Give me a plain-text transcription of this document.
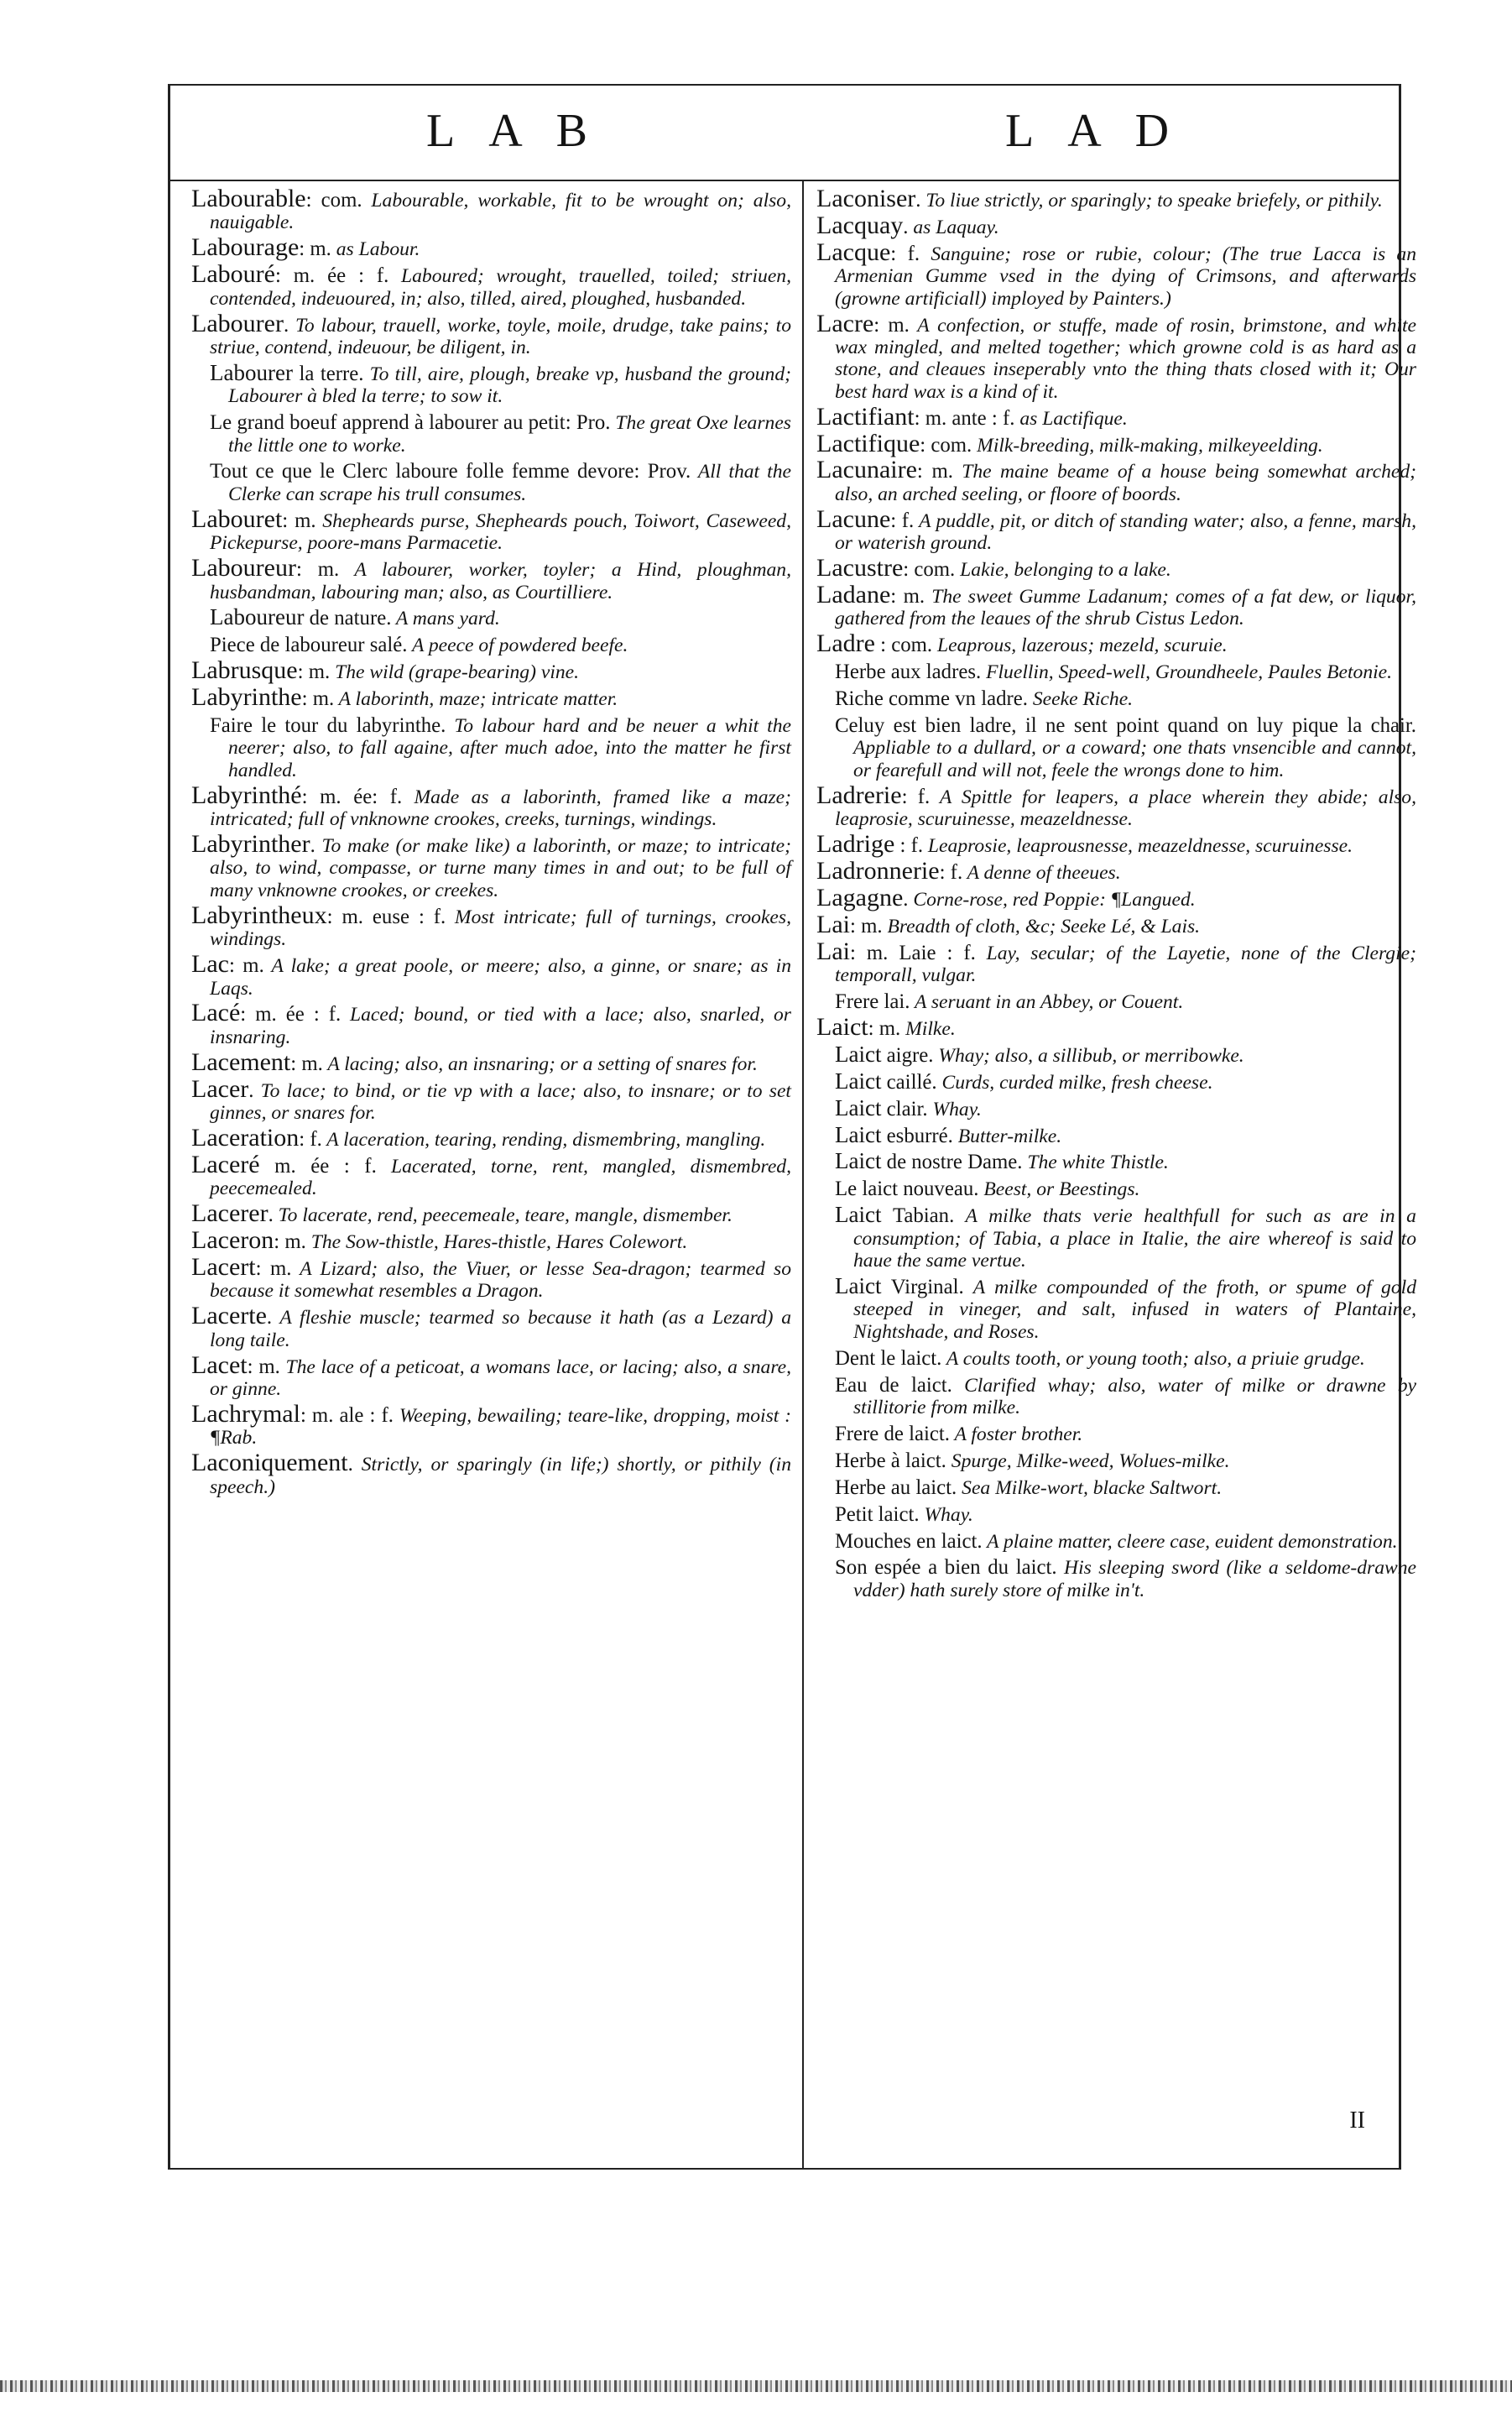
LAB	LAD

Labourable: com. Labourable, workable, fit to be wrought on; also, nauigable.

Labourage: m. as Labour.

Labouré: m. ée : f. Laboured; wrought, trauelled, toiled; striuen, contended, indeuoured, in; also, tilled, aired, ploughed, husbanded.

Labourer. To labour, trauell, worke, toyle, moile, drudge, take pains; to striue, contend, indeuour, be diligent, in.

Labourer la terre. To till, aire, plough, breake vp, husband the ground; Labourer à bled la terre; to sow it.

Le grand boeuf apprend à labourer au petit: Pro. The great Oxe learnes the little one to worke.

Tout ce que le Clerc laboure folle femme devore: Prov. All that the Clerke can scrape his trull consumes.

Labouret: m. Shepheards purse, Shepheards pouch, Toiwort, Caseweed, Pickepurse, poore-mans Parmacetie.

Laboureur: m. A labourer, worker, toyler; a Hind, ploughman, husbandman, labouring man; also, as Courtilliere.

Laboureur de nature. A mans yard.

Piece de laboureur salé. A peece of powdered beefe.

Labrusque: m. The wild (grape-bearing) vine.

Labyrinthe: m. A laborinth, maze; intricate matter.

Faire le tour du labyrinthe. To labour hard and be neuer a whit the neerer; also, to fall againe, after much adoe, into the matter he first handled.

Labyrinthé: m. ée: f. Made as a laborinth, framed like a maze; intricated; full of vnknowne crookes, creeks, turnings, windings.

Labyrinther. To make (or make like) a laborinth, or maze; to intricate; also, to wind, compasse, or turne many times in and out; to be full of many vnknowne crookes, or creekes.

Labyrintheux: m. euse : f. Most intricate; full of turnings, crookes, windings.

Lac: m. A lake; a great poole, or meere; also, a ginne, or snare; as in Laqs.

Lacé: m. ée : f. Laced; bound, or tied with a lace; also, snarled, or insnaring.

Lacement: m. A lacing; also, an insnaring; or a setting of snares for.

Lacer. To lace; to bind, or tie vp with a lace; also, to insnare; or to set ginnes, or snares for.

Laceration: f. A laceration, tearing, rending, dismembring, mangling.

Laceré m. ée : f. Lacerated, torne, rent, mangled, dismembred, peecemealed.

Lacerer. To lacerate, rend, peecemeale, teare, mangle, dismember.

Laceron: m. The Sow-thistle, Hares-thistle, Hares Colewort.

Lacert: m. A Lizard; also, the Viuer, or lesse Sea-dragon; tearmed so because it somewhat resembles a Dragon.

Lacerte. A fleshie muscle; tearmed so because it hath (as a Lezard) a long taile.

Lacet: m. The lace of a peticoat, a womans lace, or lacing; also, a snare, or ginne.

Lachrymal: m. ale : f. Weeping, bewailing; teare-like, dropping, moist : ¶Rab.

Laconiquement. Strictly, or sparingly (in life;) shortly, or pithily (in speech.)

Laconiser. To liue strictly, or sparingly; to speake briefely, or pithily.

Lacquay. as Laquay.

Lacque: f. Sanguine; rose or rubie, colour; (The true Lacca is an Armenian Gumme vsed in the dying of Crimsons, and afterwards (growne artificiall) imployed by Painters.)

Lacre: m. A confection, or stuffe, made of rosin, brimstone, and white wax mingled, and melted together; which growne cold is as hard as a stone, and cleaues inseperably vnto the thing thats closed with it; Our best hard wax is a kind of it.

Lactifiant: m. ante : f. as Lactifique.

Lactifique: com. Milk-breeding, milk-making, milkeyeelding.

Lacunaire: m. The maine beame of a house being somewhat arched; also, an arched seeling, or floore of boords.

Lacune: f. A puddle, pit, or ditch of standing water; also, a fenne, marsh, or waterish ground.

Lacustre: com. Lakie, belonging to a lake.

Ladane: m. The sweet Gumme Ladanum; comes of a fat dew, or liquor, gathered from the leaues of the shrub Cistus Ledon.

Ladre : com. Leaprous, lazerous; mezeld, scuruie.

Herbe aux ladres. Fluellin, Speed-well, Groundheele, Paules Betonie.

Riche comme vn ladre. Seeke Riche.

Celuy est bien ladre, il ne sent point quand on luy pique la chair. Appliable to a dullard, or a coward; one thats vnsencible and cannot, or fearefull and will not, feele the wrongs done to him.

Ladrerie: f. A Spittle for leapers, a place wherein they abide; also, leaprosie, scuruinesse, meazeldnesse.

Ladrige : f. Leaprosie, leaprousnesse, meazeldnesse, scuruinesse.

Ladronnerie: f. A denne of theeues.

Lagagne. Corne-rose, red Poppie: ¶Langued.

Lai: m. Breadth of cloth, &c; Seeke Lé, & Lais.

Lai: m. Laie : f. Lay, secular; of the Layetie, none of the Clergie; temporall, vulgar.

Frere lai. A seruant in an Abbey, or Couent.

Laict: m. Milke.

Laict aigre. Whay; also, a sillibub, or merribowke.

Laict caillé. Curds, curded milke, fresh cheese.

Laict clair. Whay.

Laict esburré. Butter-milke.

Laict de nostre Dame. The white Thistle.

Le laict nouveau. Beest, or Beestings.

Laict Tabian. A milke thats verie healthfull for such as are in a consumption; of Tabia, a place in Italie, the aire whereof is said to haue the same vertue.

Laict Virginal. A milke compounded of the froth, or spume of gold steeped in vineger, and salt, infused in waters of Plantaine, Nightshade, and Roses.

Dent le laict. A coults tooth, or young tooth; also, a priuie grudge.

Eau de laict. Clarified whay; also, water of milke or drawne by stillitorie from milke.

Frere de laict. A foster brother.

Herbe à laict. Spurge, Milke-weed, Wolues-milke.

Herbe au laict. Sea Milke-wort, blacke Saltwort.

Petit laict. Whay.

Mouches en laict. A plaine matter, cleere case, euident demonstration.

Son espée a bien du laict. His sleeping sword (like a seldome-drawne vdder) hath surely store of milke in't.

II
